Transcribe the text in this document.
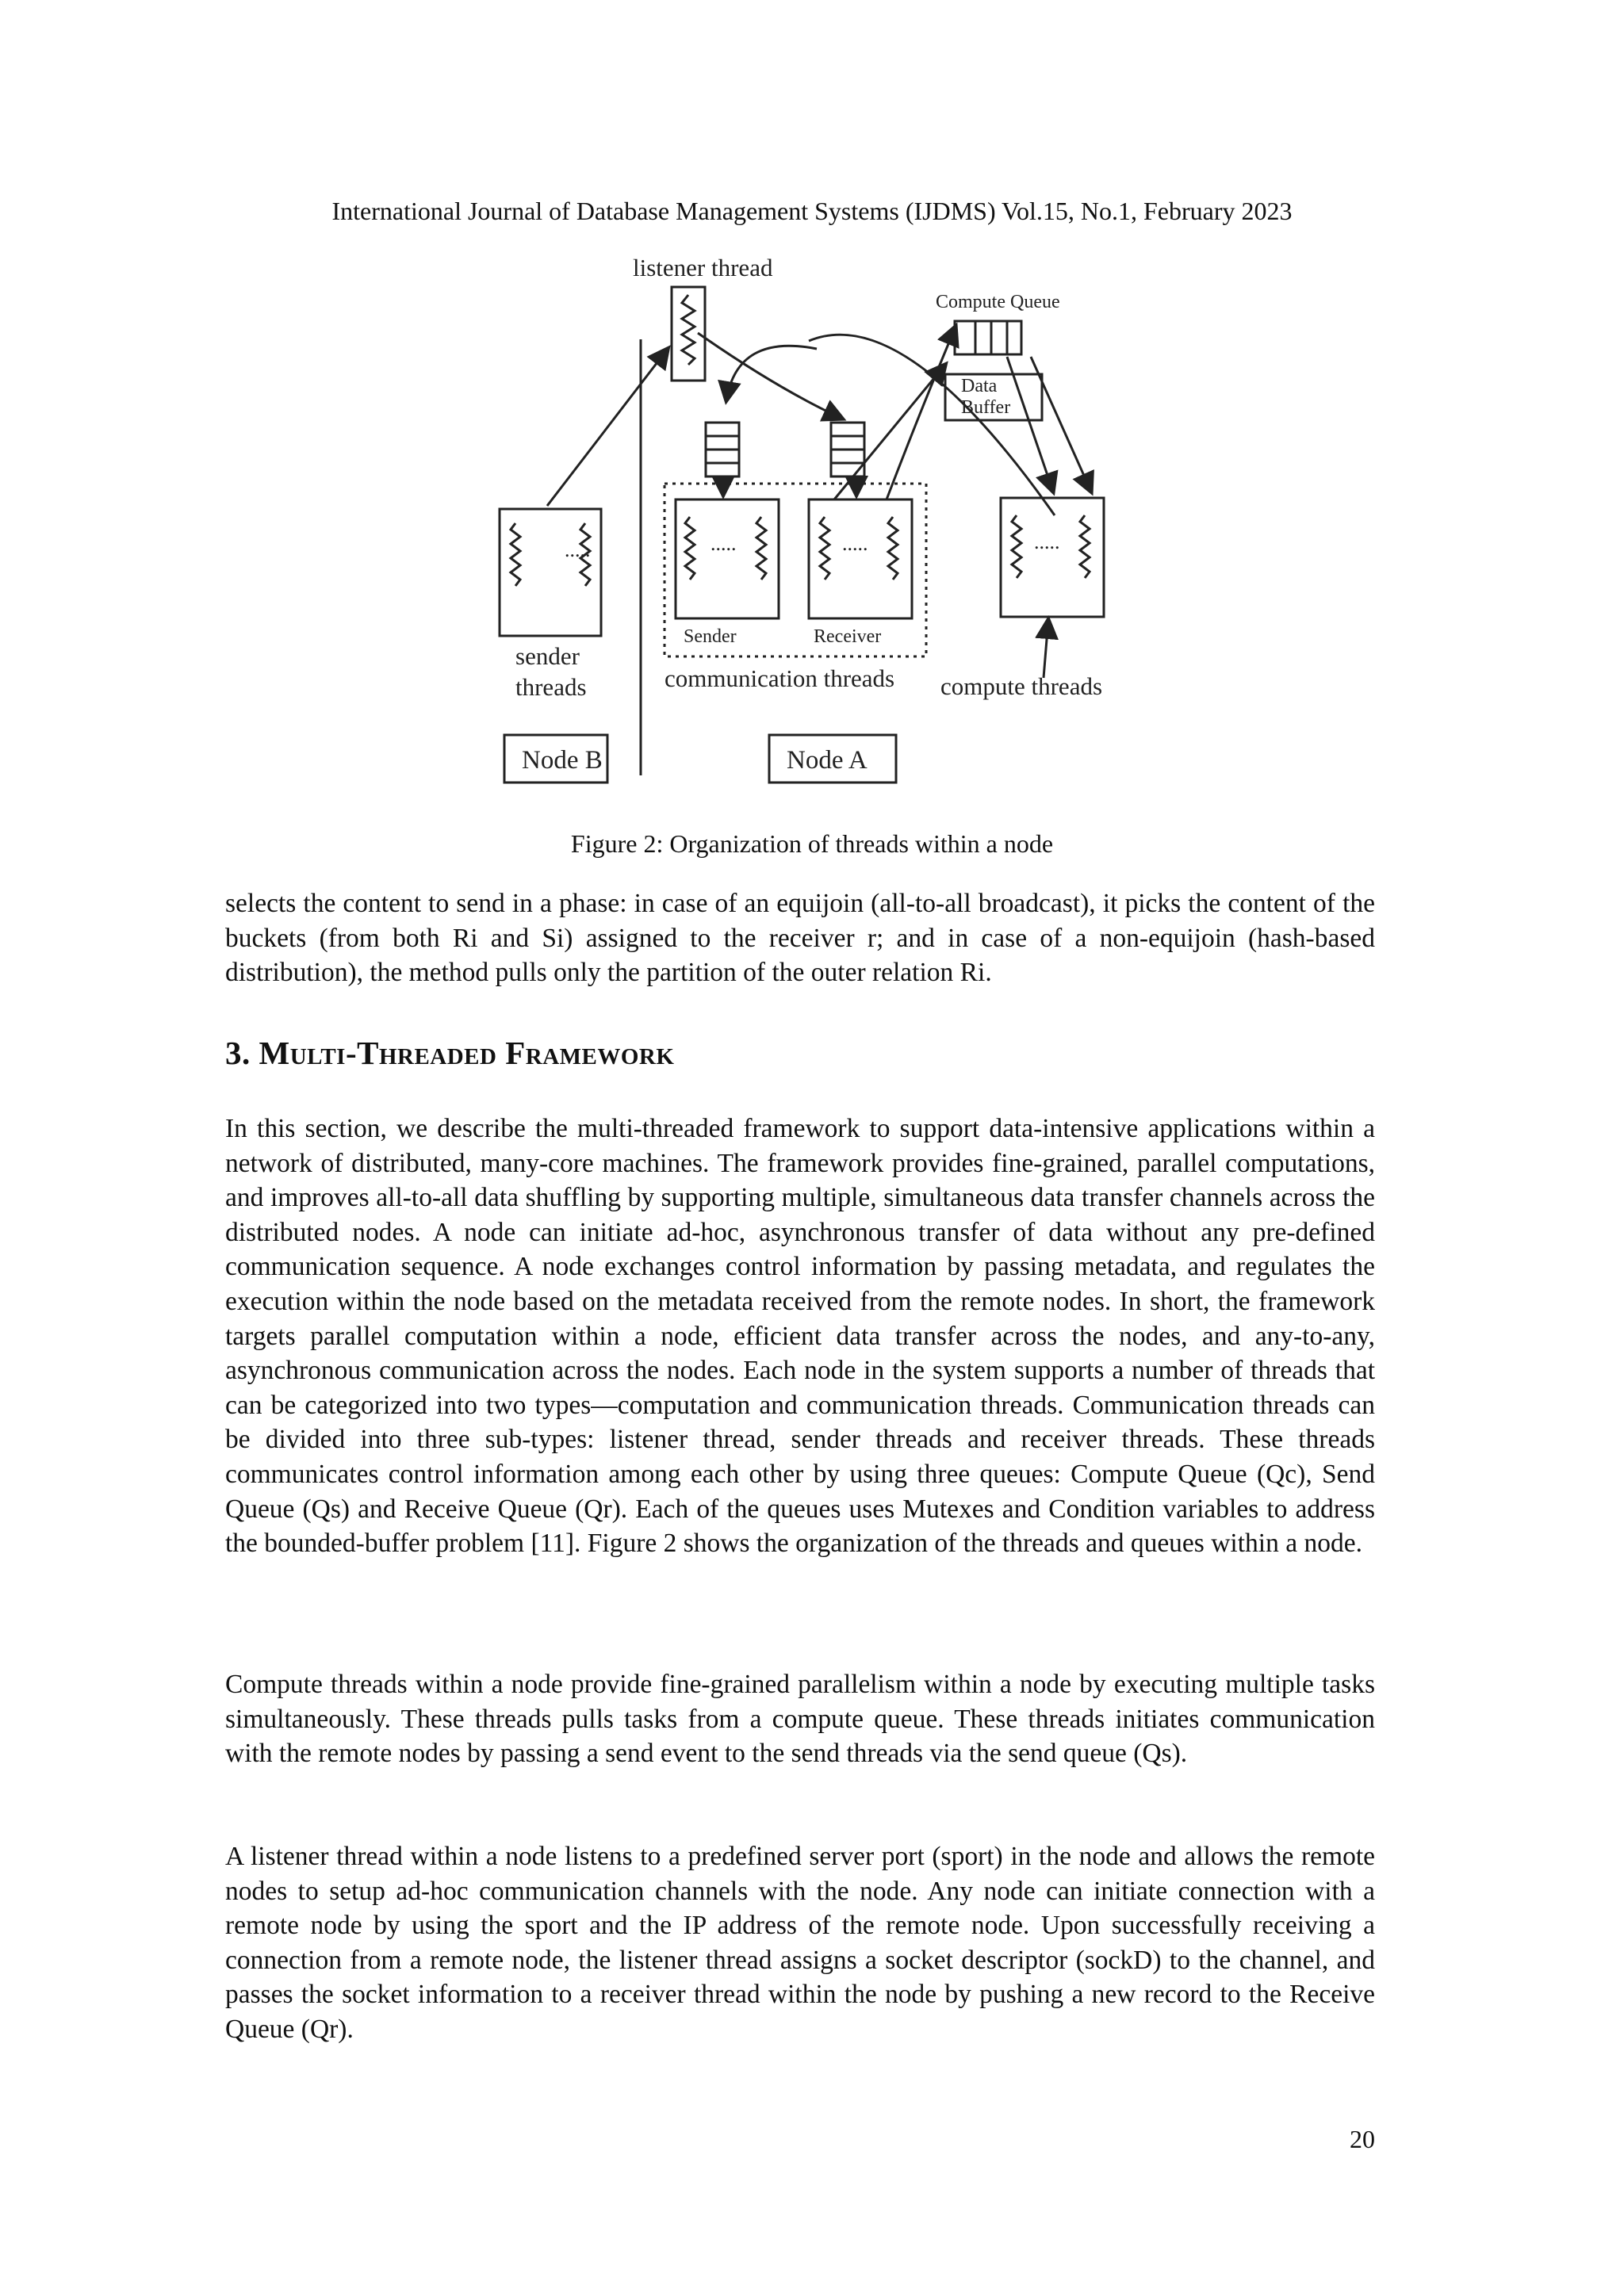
International Journal of Database Management Systems (IJDMS) Vol.15, No.1, February 2023
.....	.....	.....	.....
listener thread
Compute Queue
Data
Buffer
sender
threads
Sender	Receiver
communication threads compute threads
Node B	Node A
Figure 2: Organization of threads within a node

selects the content to send in a phase: in case of an equijoin (all-to-all broadcast), it picks the content of the buckets (from both Ri and Si) assigned to the receiver r; and in case of a non-equijoin (hash-based distribution), the method pulls only the partition of the outer relation Ri.

3. Multi-Threaded Framework

In this section, we describe the multi-threaded framework to support data-intensive applications within a network of distributed, many-core machines. The framework provides fine-grained, parallel computations, and improves all-to-all data shuffling by supporting multiple, simultaneous data transfer channels across the distributed nodes. A node can initiate ad-hoc, asynchronous transfer of data without any pre-defined communication sequence. A node exchanges control information by passing metadata, and regulates the execution within the node based on the metadata received from the remote nodes. In short, the framework targets parallel computation within a node, efficient data transfer across the nodes, and any-to-any, asynchronous communication across the nodes. Each node in the system supports a number of threads that can be categorized into two types—computation and communication threads. Communication threads can be divided into three sub-types: listener thread, sender threads and receiver threads. These threads communicates control information among each other by using three queues: Compute Queue (Qc), Send Queue (Qs) and Receive Queue (Qr). Each of the queues uses Mutexes and Condition variables to address the bounded-buffer problem [11]. Figure 2 shows the organization of the threads and queues within a node.

Compute threads within a node provide fine-grained parallelism within a node by executing multiple tasks simultaneously. These threads pulls tasks from a compute queue. These threads initiates communication with the remote nodes by passing a send event to the send threads via the send queue (Qs).

A listener thread within a node listens to a predefined server port (sport) in the node and allows the remote nodes to setup ad-hoc communication channels with the node. Any node can initiate connection with a remote node by using the sport and the IP address of the remote node. Upon successfully receiving a connection from a remote node, the listener thread assigns a socket descriptor (sockD) to the channel, and passes the socket information to a receiver thread within the node by pushing a new record to the Receive Queue (Qr).

20
